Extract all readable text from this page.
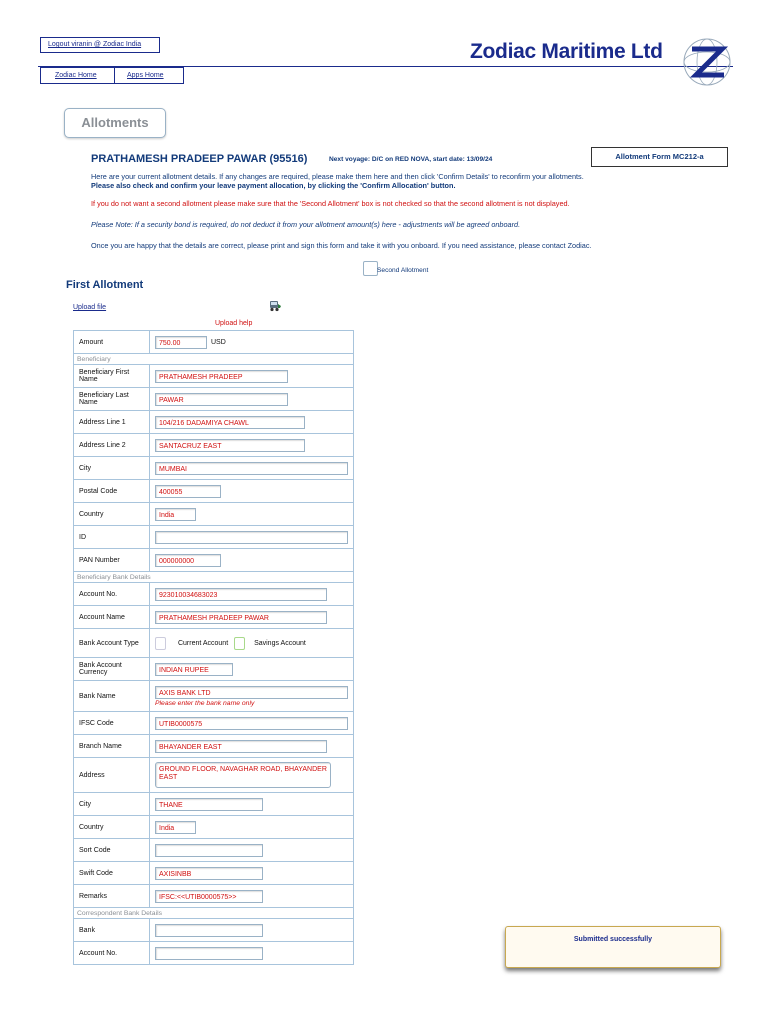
Logout viranin @ Zodiac India
Zodiac Home	Apps Home
Zodiac Maritime Ltd
Allotments
PRATHAMESH PRADEEP PAWAR (95516)	Next voyage: D/C on RED NOVA, start date: 13/09/24	Allotment Form MC212-a
Here are your current allotment details. If any changes are required, please make them here and then click 'Confirm Details' to reconfirm your allotments.
Please also check and confirm your leave payment allocation, by clicking the 'Confirm Allocation' button.
If you do not want a second allotment please make sure that the 'Second Allotment' box is not checked so that the second allotment is not displayed.
Please Note: If a security bond is required, do not deduct it from your allotment amount(s) here - adjustments will be agreed onboard.
Once you are happy that the details are correct, please print and sign this form and take it with you onboard. If you need assistance, please contact Zodiac.
Second Allotment
First Allotment
Upload file
Upload help
Amount	750.00 USD
Beneficiary	
Beneficiary First Name	PRATHAMESH PRADEEP
Beneficiary Last Name	PAWAR
Address Line 1	104/216 DADAMIYA CHAWL
Address Line 2	SANTACRUZ EAST
City	MUMBAI
Postal Code	400055
Country	India
ID	
PAN Number	000000000
Beneficiary Bank Details	
Account No.	923010034683023
Account Name	PRATHAMESH PRADEEP PAWAR
Bank Account Type	Current Account Savings Account
Bank Account Currency	INDIAN RUPEE
Bank Name	AXIS BANK LTD
Please enter the bank name only

IFSC Code	UTIB0000575
Branch Name	BHAYANDER EAST
Address	GROUND FLOOR, NAVAGHAR ROAD, BHAYANDER EAST
City	THANE
Country	India
Sort Code	
Swift Code	AXISINBB
Remarks	IFSC:<<UTIB0000575>>
Correspondent Bank Details	
Bank	
Account No.	
Submitted successfully
